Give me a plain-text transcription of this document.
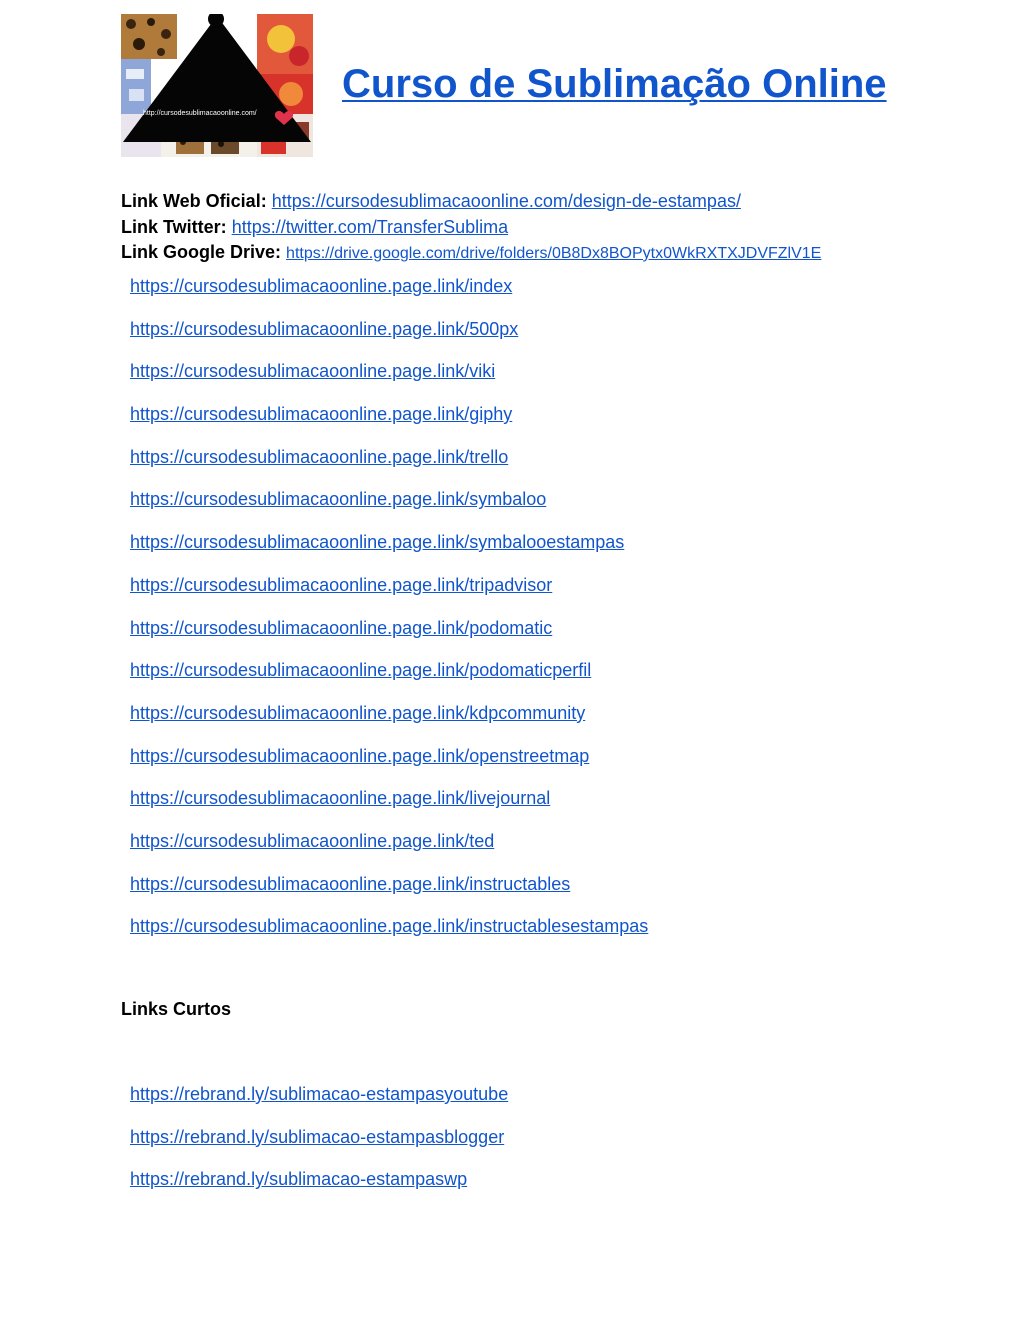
http://cursodesublimacaoonline.com/
Curso de Sublimação Online
Link Web Oficial: https://cursodesublimacaoonline.com/design-de-estampas/
Link Twitter: https://twitter.com/TransferSublima
Link Google Drive: https://drive.google.com/drive/folders/0B8Dx8BOPytx0WkRXTXJDVFZlV1E
https://cursodesublimacaoonline.page.link/index
https://cursodesublimacaoonline.page.link/500px
https://cursodesublimacaoonline.page.link/viki
https://cursodesublimacaoonline.page.link/giphy
https://cursodesublimacaoonline.page.link/trello
https://cursodesublimacaoonline.page.link/symbaloo
https://cursodesublimacaoonline.page.link/symbalooestampas
https://cursodesublimacaoonline.page.link/tripadvisor
https://cursodesublimacaoonline.page.link/podomatic
https://cursodesublimacaoonline.page.link/podomaticperfil
https://cursodesublimacaoonline.page.link/kdpcommunity
https://cursodesublimacaoonline.page.link/openstreetmap
https://cursodesublimacaoonline.page.link/livejournal
https://cursodesublimacaoonline.page.link/ted
https://cursodesublimacaoonline.page.link/instructables
https://cursodesublimacaoonline.page.link/instructablesestampas
Links Curtos
https://rebrand.ly/sublimacao-estampasyoutube
https://rebrand.ly/sublimacao-estampasblogger
https://rebrand.ly/sublimacao-estampaswp
